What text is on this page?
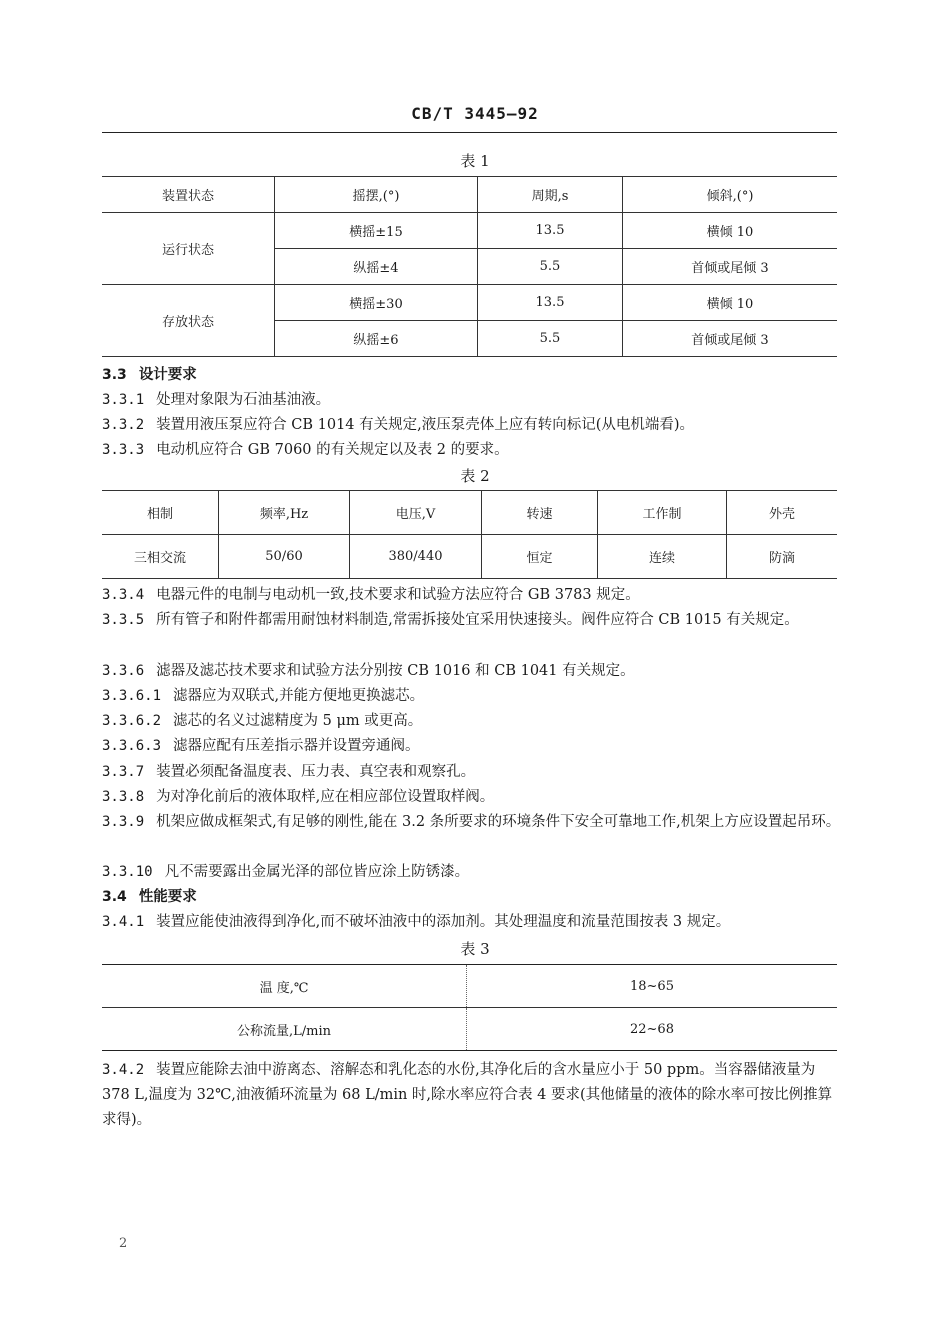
CB/T 3445—92
表 1
装置状态	摇摆,(°)	周期,s	倾斜,(°)
运行状态	横摇±15	13.5	横倾 10
	纵摇±4	5.5	首倾或尾倾 3
存放状态	横摇±30	13.5	横倾 10
	纵摇±6	5.5	首倾或尾倾 3
3.3 设计要求
3.3.1 处理对象限为石油基油液。
3.3.2 装置用液压泵应符合 CB 1014 有关规定,液压泵壳体上应有转向标记(从电机端看)。
3.3.3 电动机应符合 GB 7060 的有关规定以及表 2 的要求。
表 2
相制	频率,Hz	电压,V	转速	工作制	外壳
三相交流	50/60	380/440	恒定	连续	防滴
3.3.4 电器元件的电制与电动机一致,技术要求和试验方法应符合 GB 3783 规定。
3.3.5 所有管子和附件都需用耐蚀材料制造,常需拆接处宜采用快速接头。阀件应符合 CB 1015 有关规定。
3.3.6 滤器及滤芯技术要求和试验方法分别按 CB 1016 和 CB 1041 有关规定。
3.3.6.1 滤器应为双联式,并能方便地更换滤芯。
3.3.6.2 滤芯的名义过滤精度为 5 μm 或更高。
3.3.6.3 滤器应配有压差指示器并设置旁通阀。
3.3.7 装置必须配备温度表、压力表、真空表和观察孔。
3.3.8 为对净化前后的液体取样,应在相应部位设置取样阀。
3.3.9 机架应做成框架式,有足够的刚性,能在 3.2 条所要求的环境条件下安全可靠地工作,机架上方应设置起吊环。
3.3.10 凡不需要露出金属光泽的部位皆应涂上防锈漆。
3.4 性能要求
3.4.1 装置应能使油液得到净化,而不破坏油液中的添加剂。其处理温度和流量范围按表 3 规定。
表 3
温 度,℃	18~65
公称流量,L/min	22~68
3.4.2 装置应能除去油中游离态、溶解态和乳化态的水份,其净化后的含水量应小于 50 ppm。当容器储液量为 378 L,温度为 32℃,油液循环流量为 68 L/min 时,除水率应符合表 4 要求(其他储量的液体的除水率可按比例推算求得)。
2
